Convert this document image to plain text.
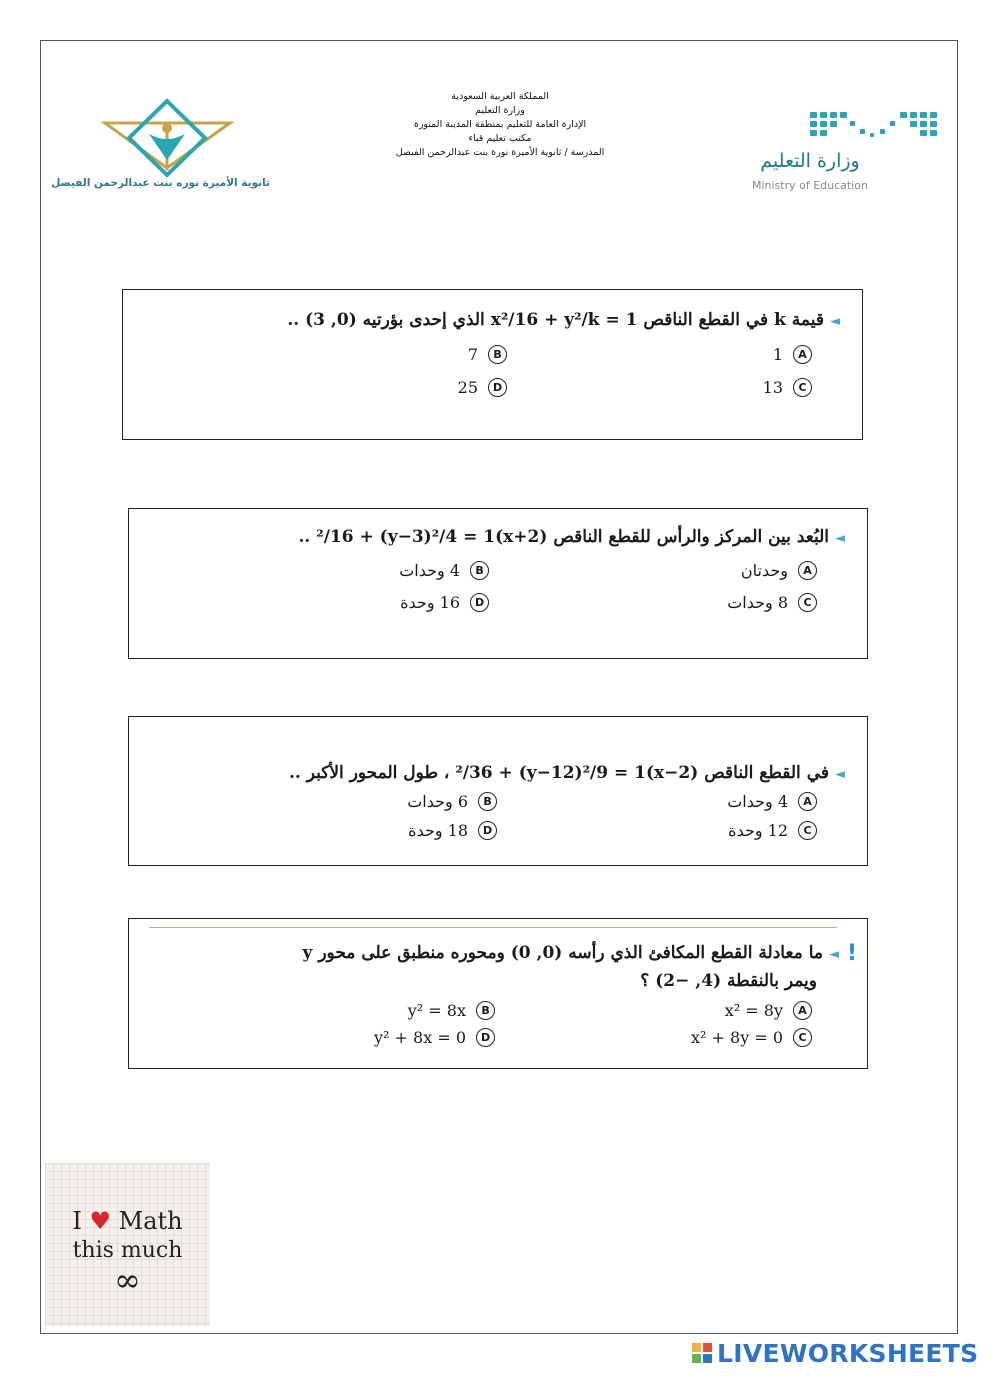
المملكة العربية السعودية
وزارة التعليم
الإدارة العامة للتعليم بمنطقة المدينة المنورة
مكتب تعليم قباء
المدرسة / ثانوية الأميرة نورة بنت عبدالرحمن الفيصل
ثانوية الأميرة نوره بنت عبدالرحمن الفيصل
وزارة التعليم
Ministry of Education
◄قيمة k في القطع الناقص x²/16 + y²/k = 1 الذي إحدى بؤرتيه (0, 3) ..
A
1
B
7
C
13
D
25
◄البُعد بين المركز والرأس للقطع الناقص (x+2)²/16 + (y−3)²/4 = 1 ..
A
وحدتان
B
4 وحدات
C
8 وحدات
D
16 وحدة
◄في القطع الناقص (x−2)²/36 + (y−12)²/9 = 1 ، طول المحور الأكبر ..
A
4 وحدات
B
6 وحدات
C
12 وحدة
D
18 وحدة
!
◄ما معادلة القطع المكافئ الذي رأسه (0, 0) ومحوره منطبق على محور y
ويمر بالنقطة (4, −2) ؟
A
x² = 8y
B
y² = 8x
C
x² + 8y = 0
D
y² + 8x = 0
I ♥ Math
this much
∞
LIVEWORKSHEETS
